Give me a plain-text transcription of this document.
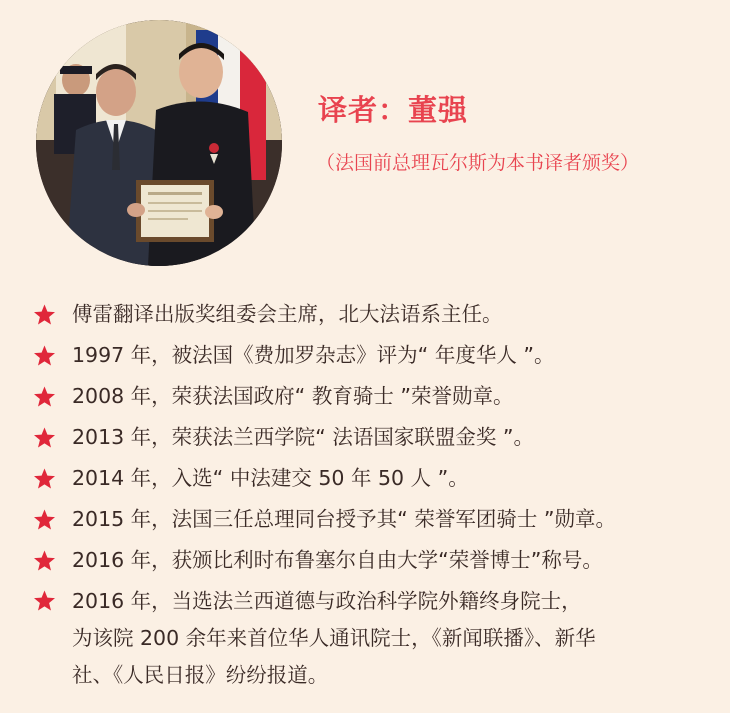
译者：董强
（法国前总理瓦尔斯为本书译者颁奖）
傅雷翻译出版奖组委会主席，北大法语系主任。
1997 年，被法国《费加罗杂志》评为“ 年度华人 ”。
2008 年，荣获法国政府“ 教育骑士 ”荣誉勋章。
2013 年，荣获法兰西学院“ 法语国家联盟金奖 ”。
2014 年，入选“ 中法建交 50 年 50 人 ”。
2015 年，法国三任总理同台授予其“ 荣誉军团骑士 ”勋章。
2016 年，获颁比利时布鲁塞尔自由大学“荣誉博士”称号。
2016 年，当选法兰西道德与政治科学院外籍终身院士，
为该院 200 余年来首位华人通讯院士，《新闻联播》、新华
社、《人民日报》纷纷报道。
